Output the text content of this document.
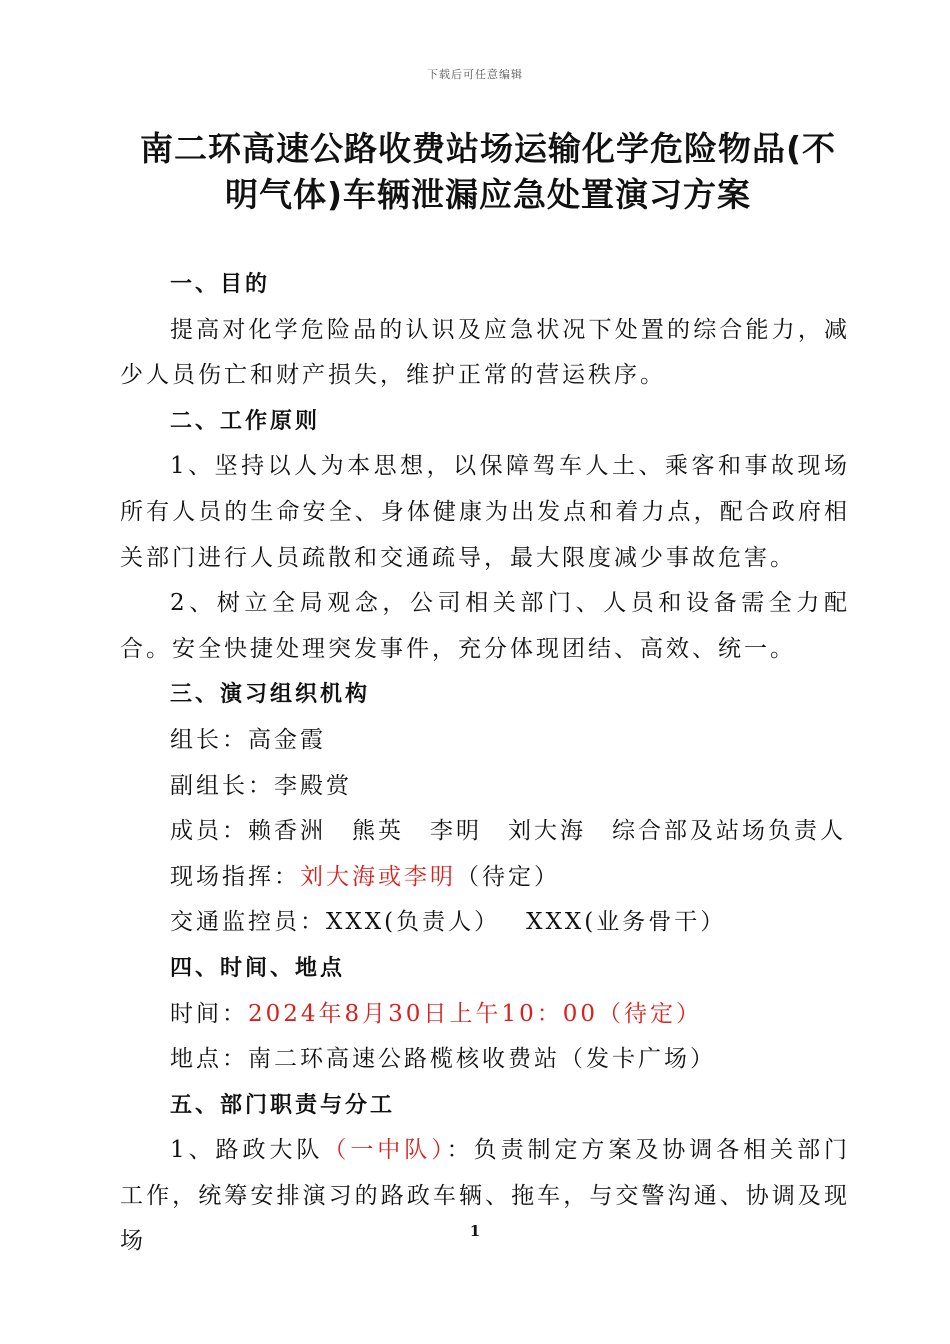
下载后可任意编辑
南二环高速公路收费站场运输化学危险物品(不
明气体)车辆泄漏应急处置演习方案

一、目的

提高对化学危险品的认识及应急状况下处置的综合能力，减少人员伤亡和财产损失，维护正常的营运秩序。

二、工作原则

1、坚持以人为本思想，以保障驾车人土、乘客和事故现场所有人员的生命安全、身体健康为出发点和着力点，配合政府相关部门进行人员疏散和交通疏导，最大限度减少事故危害。

2、树立全局观念，公司相关部门、人员和设备需全力配合。安全快捷处理突发事件，充分体现团结、高效、统一。

三、演习组织机构

组长：高金霞

副组长：李殿赏

成员：赖香洲 熊英 李明 刘大海 综合部及站场负责人

现场指挥：刘大海或李明（待定）

交通监控员：XXX(负责人） XXX(业务骨干）

四、时间、地点

时间：2024年8月30日上午10：00（待定）

地点：南二环高速公路榄核收费站（发卡广场）

五、部门职责与分工

1、路政大队（一中队）：负责制定方案及协调各相关部门工作，统筹安排演习的路政车辆、拖车，与交警沟通、协调及现场	1
